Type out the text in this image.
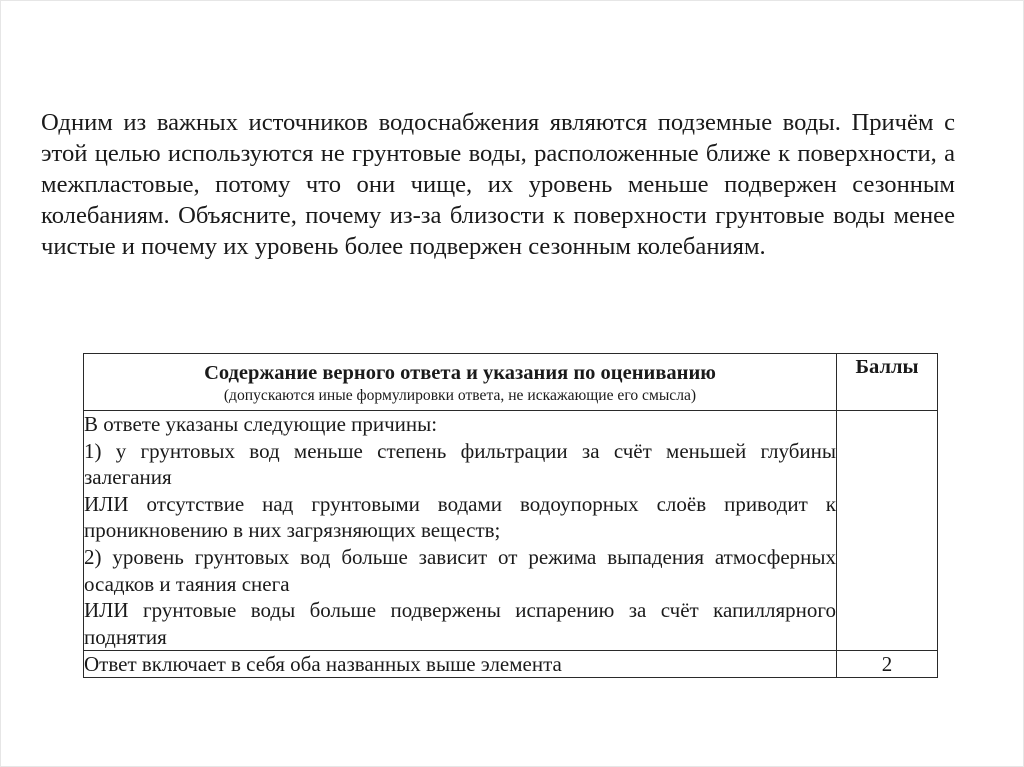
Одним из важных источников водоснабжения являются подземные воды. Причём с этой целью используются не грунтовые воды, расположенные ближе к поверхности, а межпластовые, потому что они чище, их уровень меньше подвержен сезонным колебаниям. Объясните, почему из-за близости к поверхности грунтовые воды менее чистые и почему их уровень более подвержен сезонным колебаниям.

Содержание верного ответа и указания по оцениванию
(допускаются иные формулировки ответа, не искажающие его смысла)	Баллы

В ответе указаны следующие причины:

1) у грунтовых вод меньше степень фильтрации за счёт меньшей глубины залегания

ИЛИ отсутствие над грунтовыми водами водоупорных слоёв приводит к проникновению в них загрязняющих веществ;

2) уровень грунтовых вод больше зависит от режима выпадения атмосферных осадков и таяния снега

ИЛИ грунтовые воды больше подвержены испарению за счёт капиллярного поднятия	

Ответ включает в себя оба названных выше элемента	2
